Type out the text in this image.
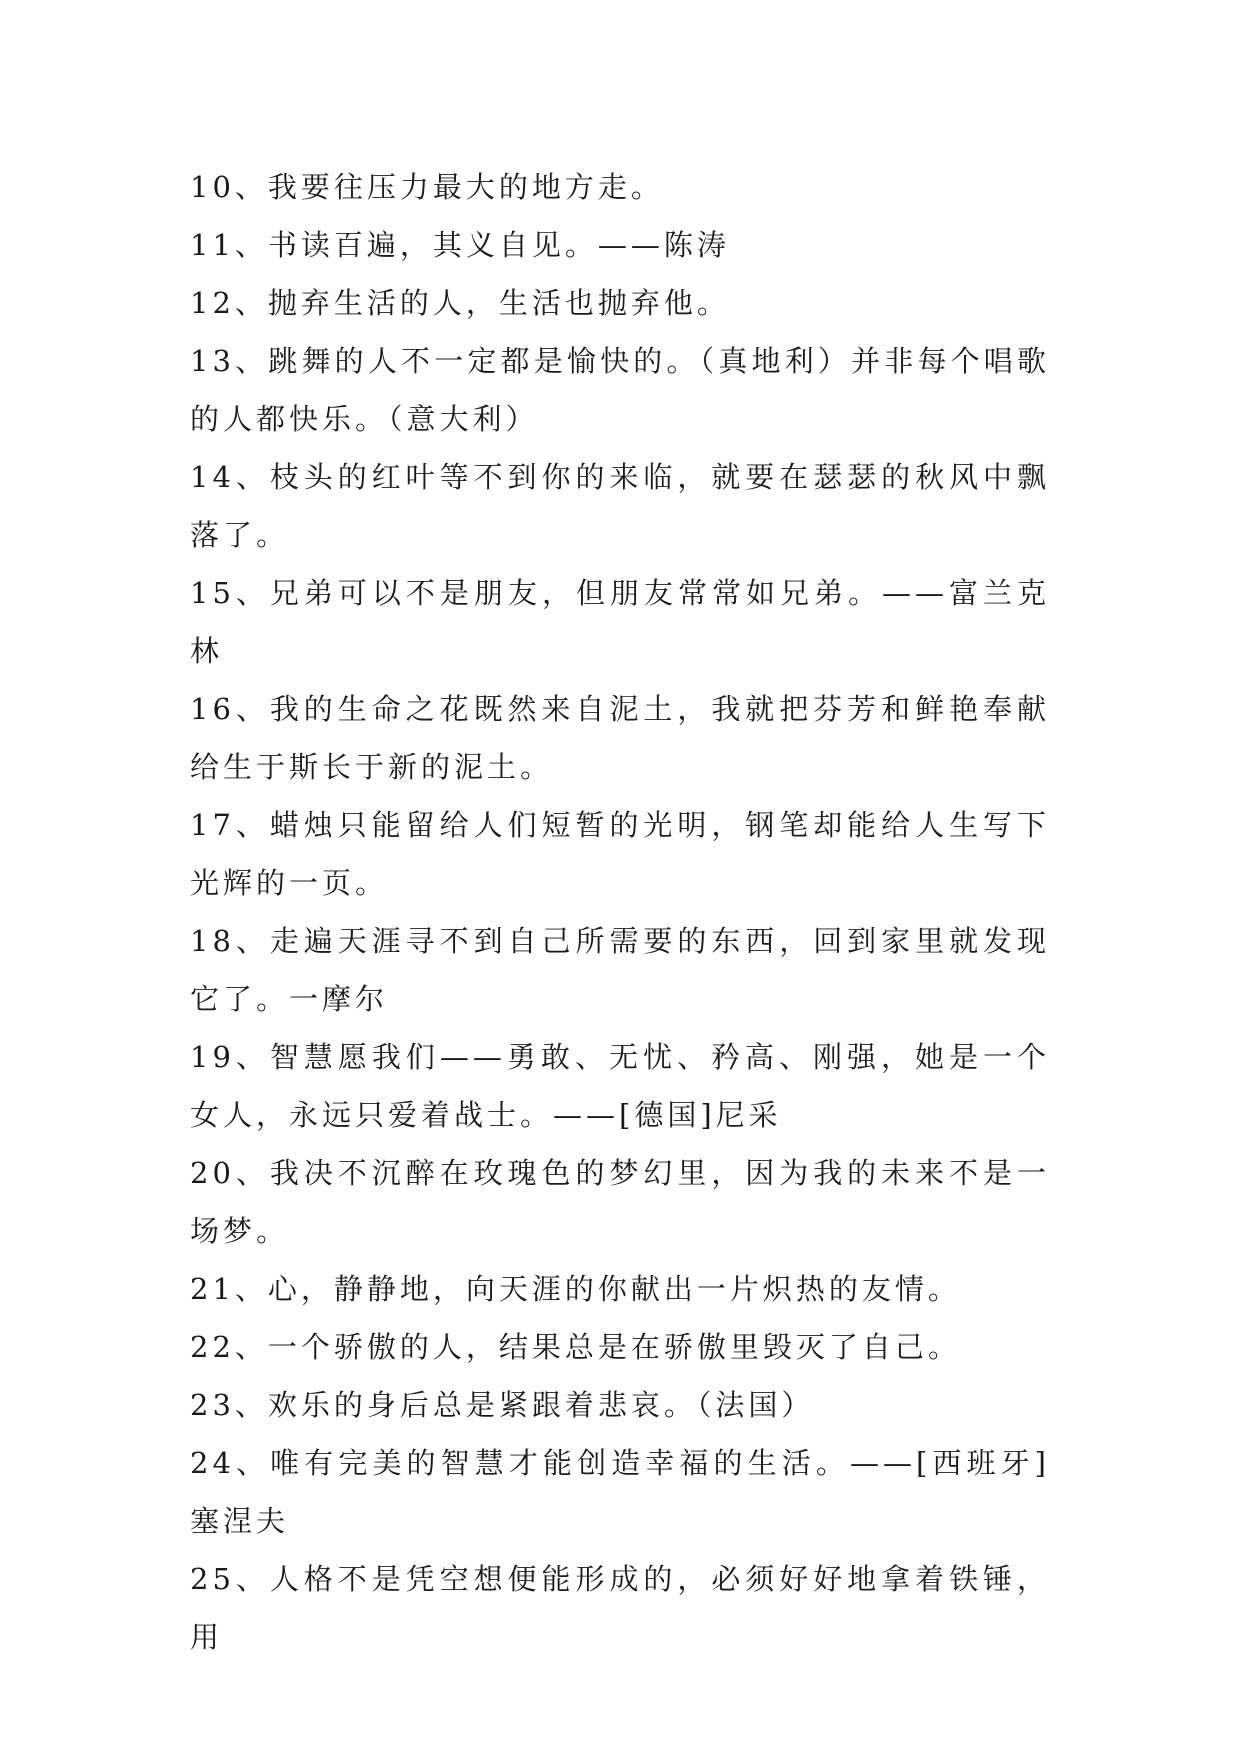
10、我要往压力最大的地方走。

11、书读百遍，其义自见。——陈涛

12、抛弃生活的人，生活也抛弃他。

13、跳舞的人不一定都是愉快的。（真地利）并非每个唱歌的人都快乐。（意大利）

14、枝头的红叶等不到你的来临，就要在瑟瑟的秋风中飘落了。

15、兄弟可以不是朋友，但朋友常常如兄弟。——富兰克林

16、我的生命之花既然来自泥土，我就把芬芳和鲜艳奉献给生于斯长于新的泥土。

17、蜡烛只能留给人们短暂的光明，钢笔却能给人生写下光辉的一页。

18、走遍天涯寻不到自己所需要的东西，回到家里就发现它了。一摩尔

19、智慧愿我们——勇敢、无忧、矜高、刚强，她是一个女人，永远只爱着战士。——[德国]尼采

20、我决不沉醉在玫瑰色的梦幻里，因为我的未来不是一场梦。

21、心，静静地，向天涯的你献出一片炽热的友情。

22、一个骄傲的人，结果总是在骄傲里毁灭了自己。

23、欢乐的身后总是紧跟着悲哀。（法国）

24、唯有完美的智慧才能创造幸福的生活。——[西班牙]塞涅夫

25、人格不是凭空想便能形成的，必须好好地拿着铁锤，用
